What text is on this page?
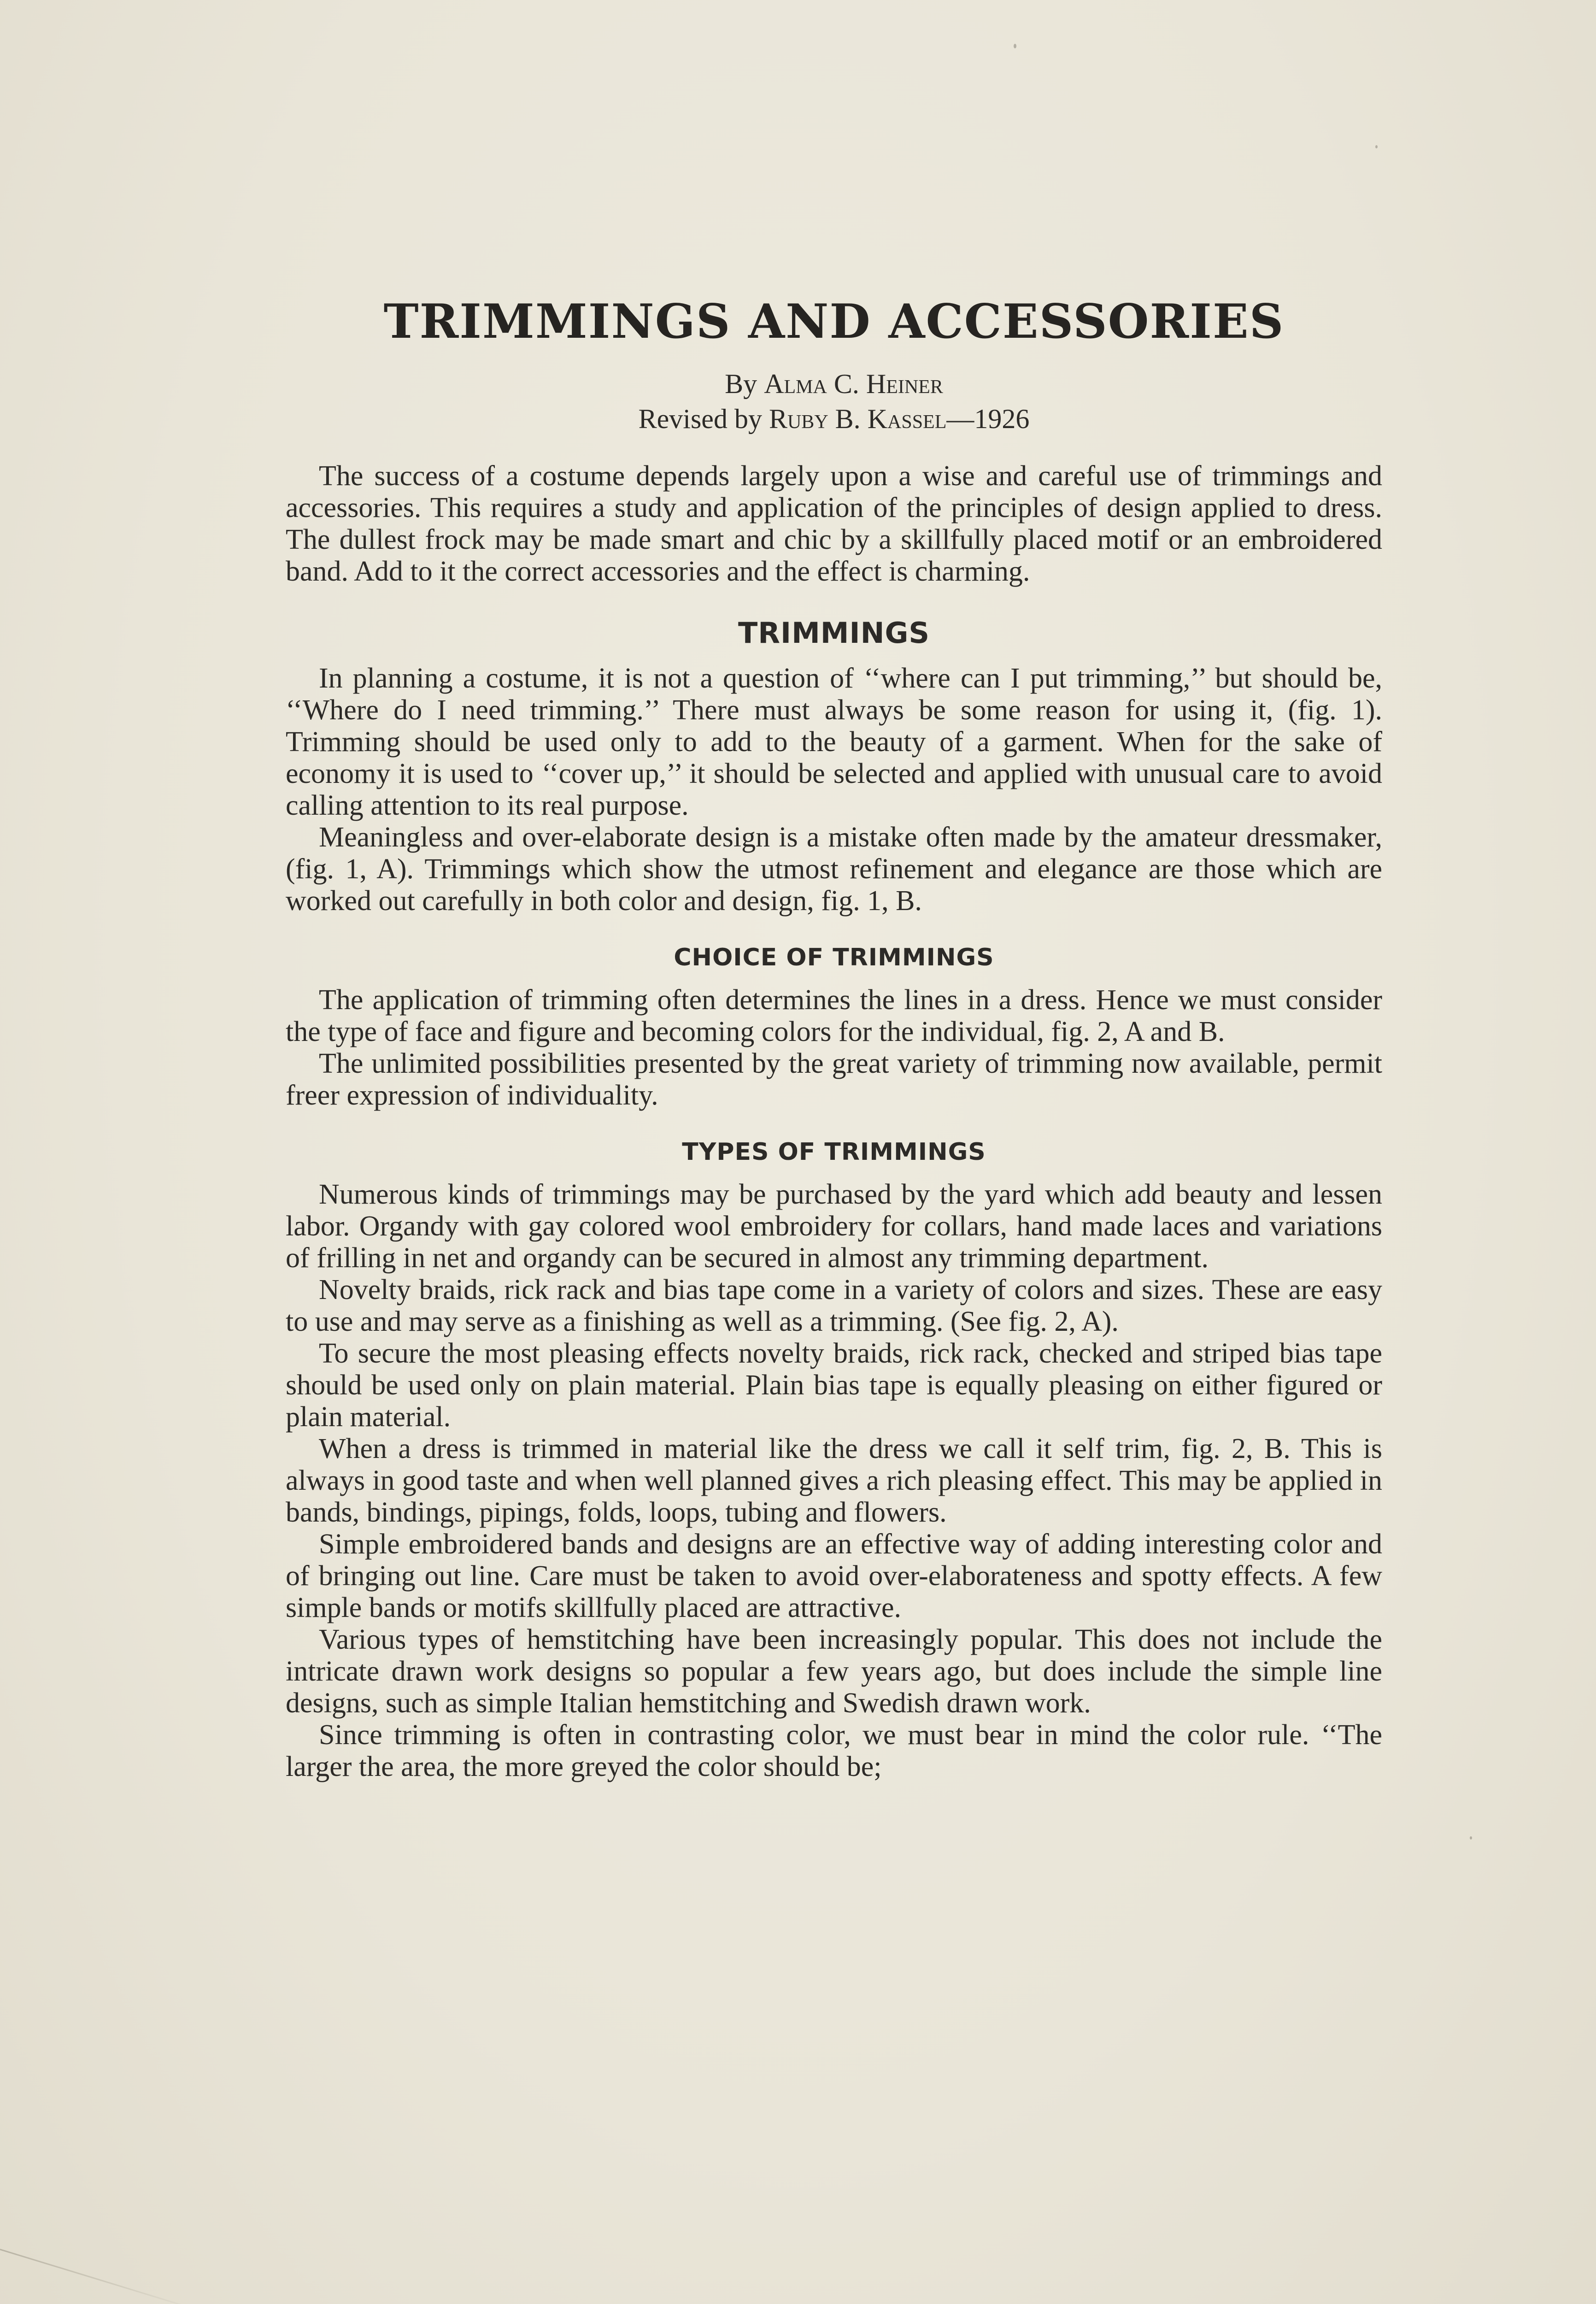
TRIMMINGS AND ACCESSORIES

By Alma C. Heiner

Revised by Ruby B. Kassel—1926

The success of a costume depends largely upon a wise and careful use of trimmings and accessories. This requires a study and application of the principles of design applied to dress. The dullest frock may be made smart and chic by a skillfully placed motif or an embroidered band. Add to it the correct accessories and the effect is charming.

TRIMMINGS

In planning a costume, it is not a question of ‘‘where can I put trimming,’’ but should be, ‘‘Where do I need trimming.’’ There must always be some reason for using it, (fig. 1). Trimming should be used only to add to the beauty of a garment. When for the sake of economy it is used to ‘‘cover up,’’ it should be selected and applied with unusual care to avoid calling attention to its real purpose.

Meaningless and over-elaborate design is a mistake often made by the amateur dressmaker, (fig. 1, A). Trimmings which show the utmost refinement and elegance are those which are worked out carefully in both color and design, fig. 1, B.

CHOICE OF TRIMMINGS

The application of trimming often determines the lines in a dress. Hence we must consider the type of face and figure and becoming colors for the individual, fig. 2, A and B.

The unlimited possibilities presented by the great variety of trimming now available, permit freer expression of individuality.

TYPES OF TRIMMINGS

Numerous kinds of trimmings may be purchased by the yard which add beauty and lessen labor. Organdy with gay colored wool embroidery for collars, hand made laces and variations of frilling in net and organdy can be secured in almost any trimming department.

Novelty braids, rick rack and bias tape come in a variety of colors and sizes. These are easy to use and may serve as a finishing as well as a trimming. (See fig. 2, A).

To secure the most pleasing effects novelty braids, rick rack, checked and striped bias tape should be used only on plain material. Plain bias tape is equally pleasing on either figured or plain material.

When a dress is trimmed in material like the dress we call it self trim, fig. 2, B. This is always in good taste and when well planned gives a rich pleasing effect. This may be applied in bands, bindings, pipings, folds, loops, tubing and flowers.

Simple embroidered bands and designs are an effective way of adding interesting color and of bringing out line. Care must be taken to avoid over-elaborateness and spotty effects. A few simple bands or motifs skillfully placed are attractive.

Various types of hemstitching have been increasingly popular. This does not include the intricate drawn work designs so popular a few years ago, but does include the simple line designs, such as simple Italian hemstitching and Swedish drawn work.

Since trimming is often in contrasting color, we must bear in mind the color rule. ‘‘The larger the area, the more greyed the color should be;
